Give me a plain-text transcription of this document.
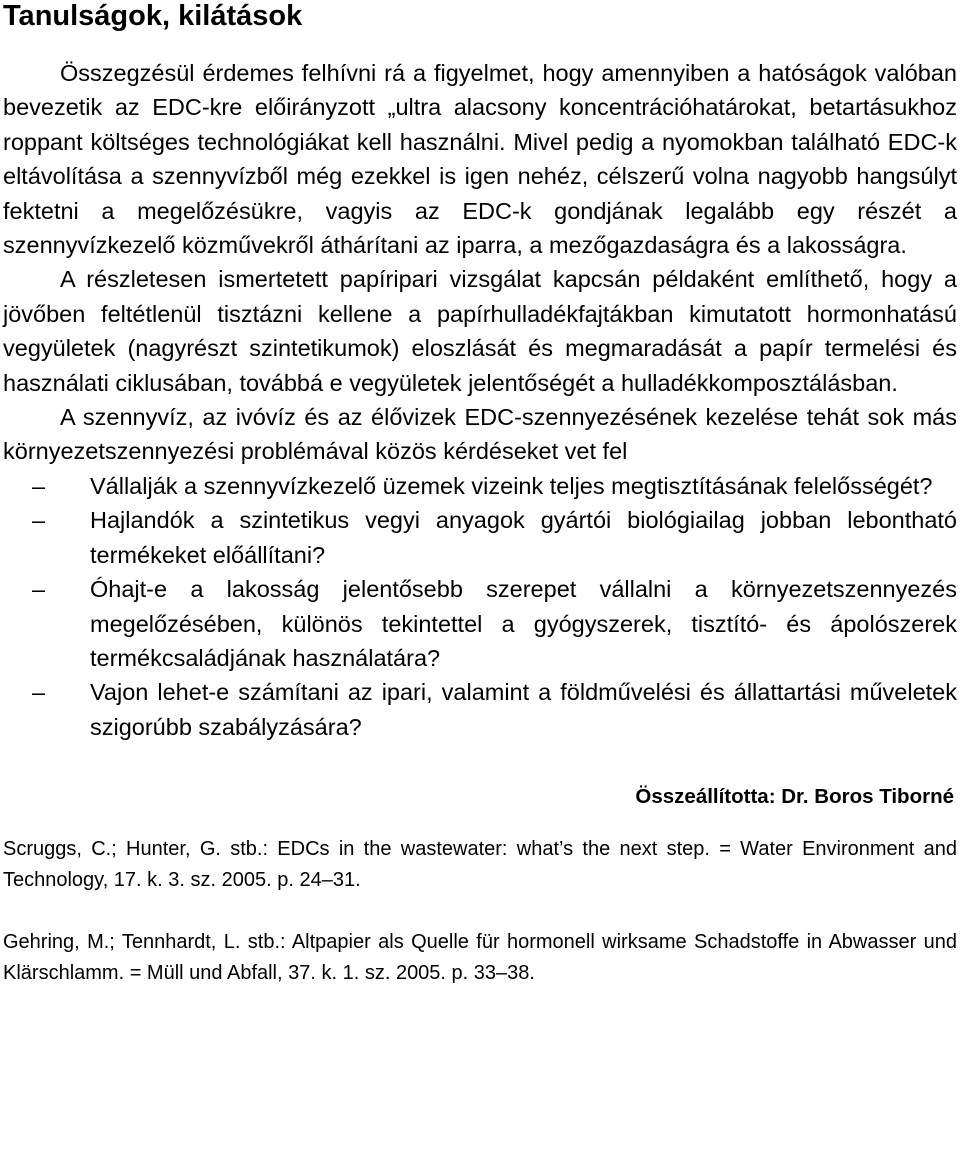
Tanulságok, kilátások

Összegzésül érdemes felhívni rá a figyelmet, hogy amennyiben a hatóságok valóban bevezetik az EDC-kre előirányzott „ultra alacsony koncentrációhatárokat, betartásukhoz roppant költséges technológiákat kell használni. Mivel pedig a nyomokban található EDC-k eltávolítása a szennyvízből még ezekkel is igen nehéz, célszerű volna nagyobb hangsúlyt fektetni a megelőzésükre, vagyis az EDC-k gondjának legalább egy részét a szennyvízkezelő közművekről áthárítani az iparra, a mezőgazdaságra és a lakosságra.

A részletesen ismertetett papíripari vizsgálat kapcsán példaként említhető, hogy a jövőben feltétlenül tisztázni kellene a papírhulladékfajtákban kimutatott hormonhatású vegyületek (nagyrészt szintetikumok) eloszlását és megmaradását a papír termelési és használati ciklusában, továbbá e vegyületek jelentőségét a hulladékkomposztálásban.

A szennyvíz, az ivóvíz és az élővizek EDC-szennyezésének kezelése tehát sok más környezetszennyezési problémával közös kérdéseket vet fel

– Vállalják a szennyvízkezelő üzemek vizeink teljes megtisztításának felelősségét?
– Hajlandók a szintetikus vegyi anyagok gyártói biológiailag jobban lebontható termékeket előállítani?
– Óhajt-e a lakosság jelentősebb szerepet vállalni a környezetszennyezés megelőzésében, különös tekintettel a gyógyszerek, tisztító- és ápolószerek termékcsaládjának használatára?
– Vajon lehet-e számítani az ipari, valamint a földművelési és állattartási műveletek szigorúbb szabályzására?

Összeállította: Dr. Boros Tiborné

Scruggs, C.; Hunter, G. stb.: EDCs in the wastewater: what’s the next step. = Water Environment and Technology, 17. k. 3. sz. 2005. p. 24–31.

Gehring, M.; Tennhardt, L. stb.: Altpapier als Quelle für hormonell wirksame Schadstoffe in Abwasser und Klärschlamm. = Müll und Abfall, 37. k. 1. sz. 2005. p. 33–38.
